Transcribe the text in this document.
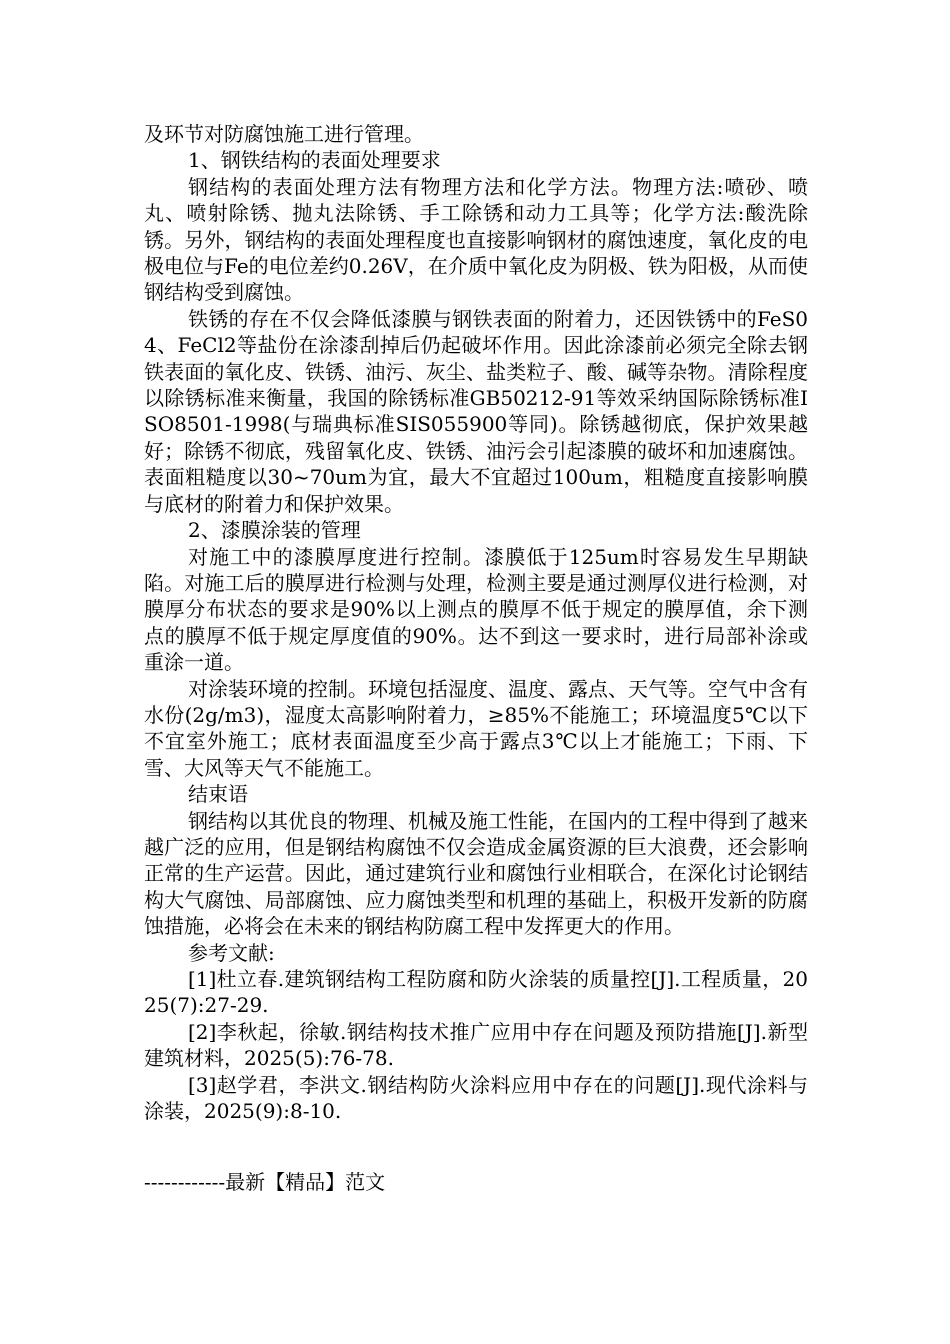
及环节对防腐蚀施工进行管理。

1、钢铁结构的表面处理要求

钢结构的表面处理方法有物理方法和化学方法。物理方法:喷砂、喷丸、喷射除锈、抛丸法除锈、手工除锈和动力工具等；化学方法:酸洗除锈。另外，钢结构的表面处理程度也直接影响钢材的腐蚀速度，氧化皮的电极电位与Fe的电位差约0.26V，在介质中氧化皮为阴极、铁为阳极，从而使钢结构受到腐蚀。

铁锈的存在不仅会降低漆膜与钢铁表面的附着力，还因铁锈中的FeS04、FeCl2等盐份在涂漆刮掉后仍起破坏作用。因此涂漆前必须完全除去钢铁表面的氧化皮、铁锈、油污、灰尘、盐类粒子、酸、碱等杂物。清除程度以除锈标准来衡量，我国的除锈标准GB50212-91等效采纳国际除锈标准ISO8501-1998(与瑞典标准SIS055900等同)。除锈越彻底，保护效果越好；除锈不彻底，残留氧化皮、铁锈、油污会引起漆膜的破坏和加速腐蚀。表面粗糙度以30~70um为宜，最大不宜超过100um，粗糙度直接影响膜与底材的附着力和保护效果。

2、漆膜涂装的管理

对施工中的漆膜厚度进行控制。漆膜低于125um时容易发生早期缺陷。对施工后的膜厚进行检测与处理，检测主要是通过测厚仪进行检测，对膜厚分布状态的要求是90%以上测点的膜厚不低于规定的膜厚值，余下测点的膜厚不低于规定厚度值的90%。达不到这一要求时，进行局部补涂或重涂一道。

对涂装环境的控制。环境包括湿度、温度、露点、天气等。空气中含有水份(2g/m3)，湿度太高影响附着力，≥85%不能施工；环境温度5℃以下不宜室外施工；底材表面温度至少高于露点3℃以上才能施工；下雨、下雪、大风等天气不能施工。

结束语

钢结构以其优良的物理、机械及施工性能，在国内的工程中得到了越来越广泛的应用，但是钢结构腐蚀不仅会造成金属资源的巨大浪费，还会影响正常的生产运营。因此，通过建筑行业和腐蚀行业相联合，在深化讨论钢结构大气腐蚀、局部腐蚀、应力腐蚀类型和机理的基础上，积极开发新的防腐蚀措施，必将会在未来的钢结构防腐工程中发挥更大的作用。

参考文献:

[1]杜立春.建筑钢结构工程防腐和防火涂装的质量控[J].工程质量，2025(7):27-29.

[2]李秋起，徐敏.钢结构技术推广应用中存在问题及预防措施[J].新型建筑材料，2025(5):76-78.

[3]赵学君，李洪文.钢结构防火涂料应用中存在的问题[J].现代涂料与涂装，2025(9):8-10.

------------最新【精品】范文
